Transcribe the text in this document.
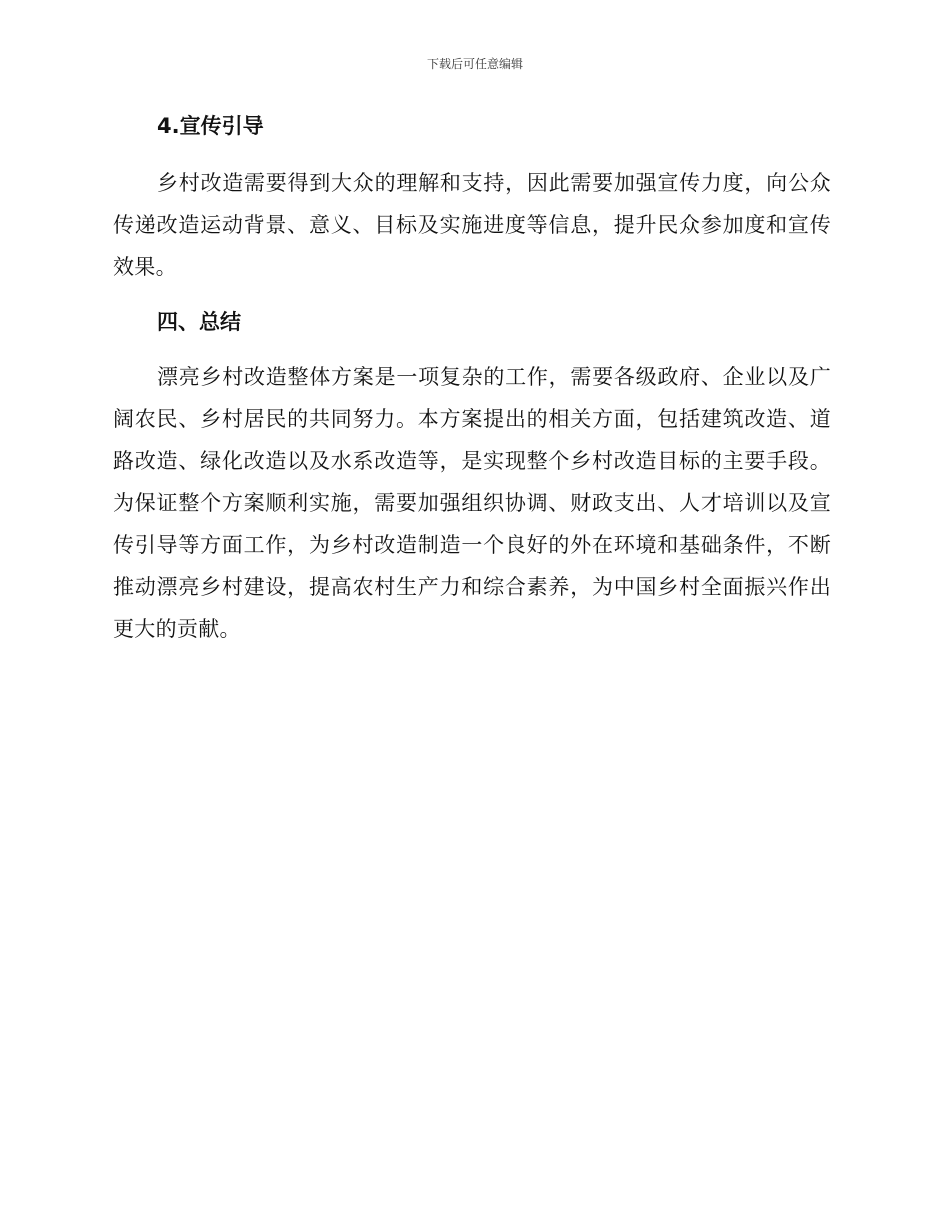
下载后可任意编辑
4.宣传引导

乡村改造需要得到大众的理解和支持，因此需要加强宣传力度，向公众传递改造运动背景、意义、目标及实施进度等信息，提升民众参加度和宣传效果。

四、总结

漂亮乡村改造整体方案是一项复杂的工作，需要各级政府、企业以及广阔农民、乡村居民的共同努力。本方案提出的相关方面，包括建筑改造、道路改造、绿化改造以及水系改造等，是实现整个乡村改造目标的主要手段。为保证整个方案顺利实施，需要加强组织协调、财政支出、人才培训以及宣传引导等方面工作，为乡村改造制造一个良好的外在环境和基础条件，不断推动漂亮乡村建设，提高农村生产力和综合素养，为中国乡村全面振兴作出更大的贡献。
